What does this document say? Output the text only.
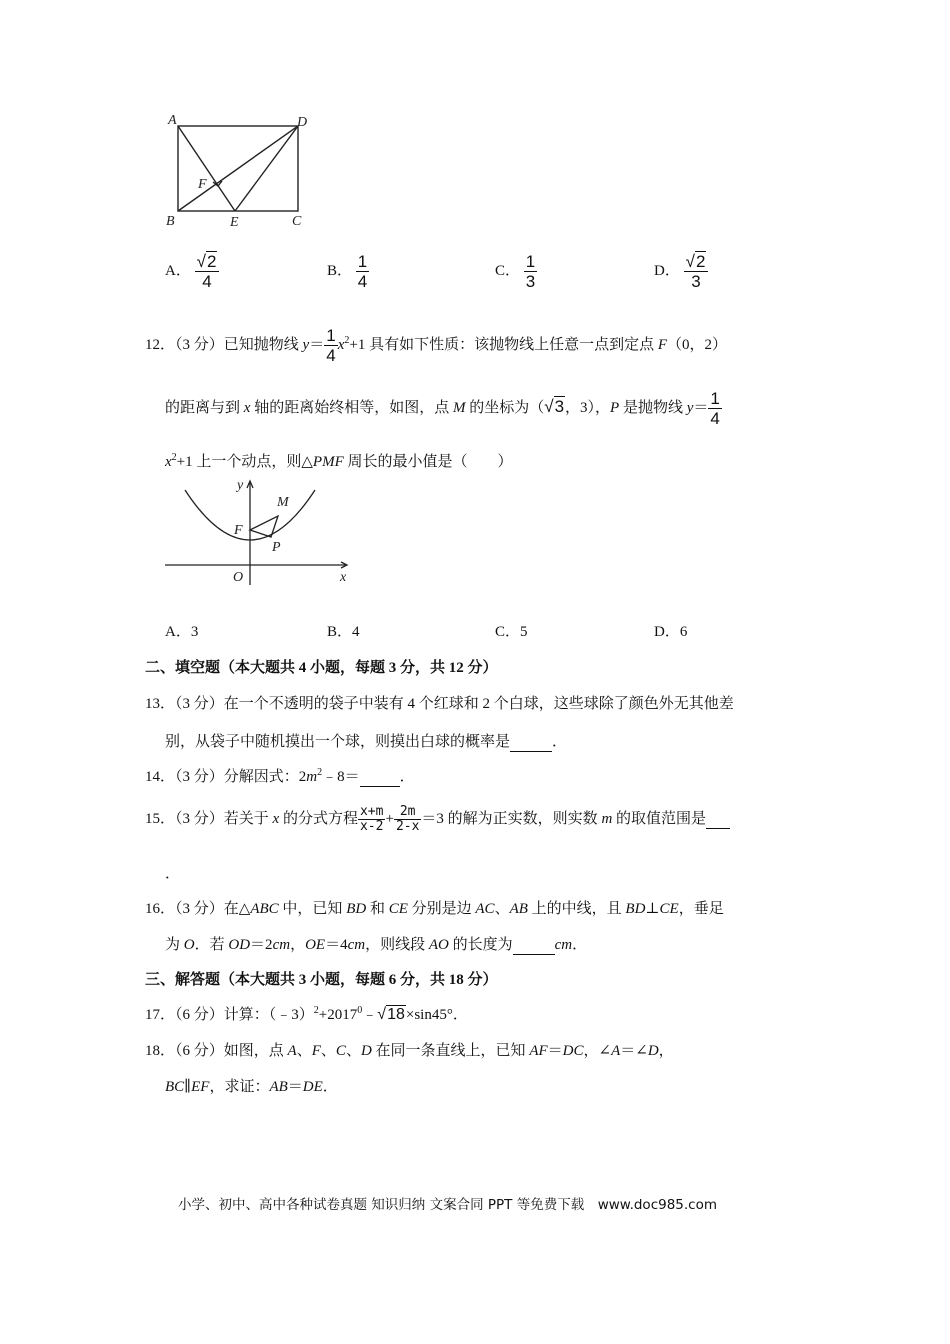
A	D
F
B	E	C
A． $\frac{√2}{4}$	B． $\frac{1}{4}$	C． $\frac{1}{3}$	D． $\frac{√2}{3}$
12．（3 分）已知抛物线 $y= \frac{1}{4} x^2+1$ 具有如下性质：该抛物线上任意一点到定点 F（0，2）
的距离与到 x 轴的距离始终相等，如图，点 M 的坐标为（√3，3），P 是抛物线 $y= \frac{1}{4}$
$x^2+1$ 上一个动点，则△PMF 周长的最小值是（　　）
y
x
M
F
P
O
A．3	B．4	C．5	D．6
二、填空题（本大题共 4 小题，每题 3 分，共 12 分）
13．（3 分）在一个不透明的袋子中装有 4 个红球和 2 个白球，这些球除了颜色外无其他差
别，从袋子中随机摸出一个球，则摸出白球的概率是	．
14．（3 分）分解因式：$2m^2﹣8=$	．
15．（3 分）若关于 x 的分式方程 $\frac{x+m}{x-2} + \frac{2m}{2-x} =3$ 的解为正实数，则实数 m 的取值范围是
．
16．（3 分）在△ABC 中，已知 BD 和 CE 分别是边 AC、AB 上的中线，且 BD⊥CE，垂足
为 O．若 OD＝2cm，OE＝4cm，则线段 AO 的长度为	cm．
三、解答题（本大题共 3 小题，每题 6 分，共 18 分）
17．（6 分）计算：$(﹣3)^2+2017^0﹣√18\times\sin 45^\circ$．
18．（6 分）如图，点 A、F、C、D 在同一条直线上，已知 AF＝DC，∠A＝∠D，
BC∥EF，求证：AB＝DE．
小学、初中、高中各种试卷真题 知识归纳 文案合同 PPT 等免费下载　www.doc985.com
